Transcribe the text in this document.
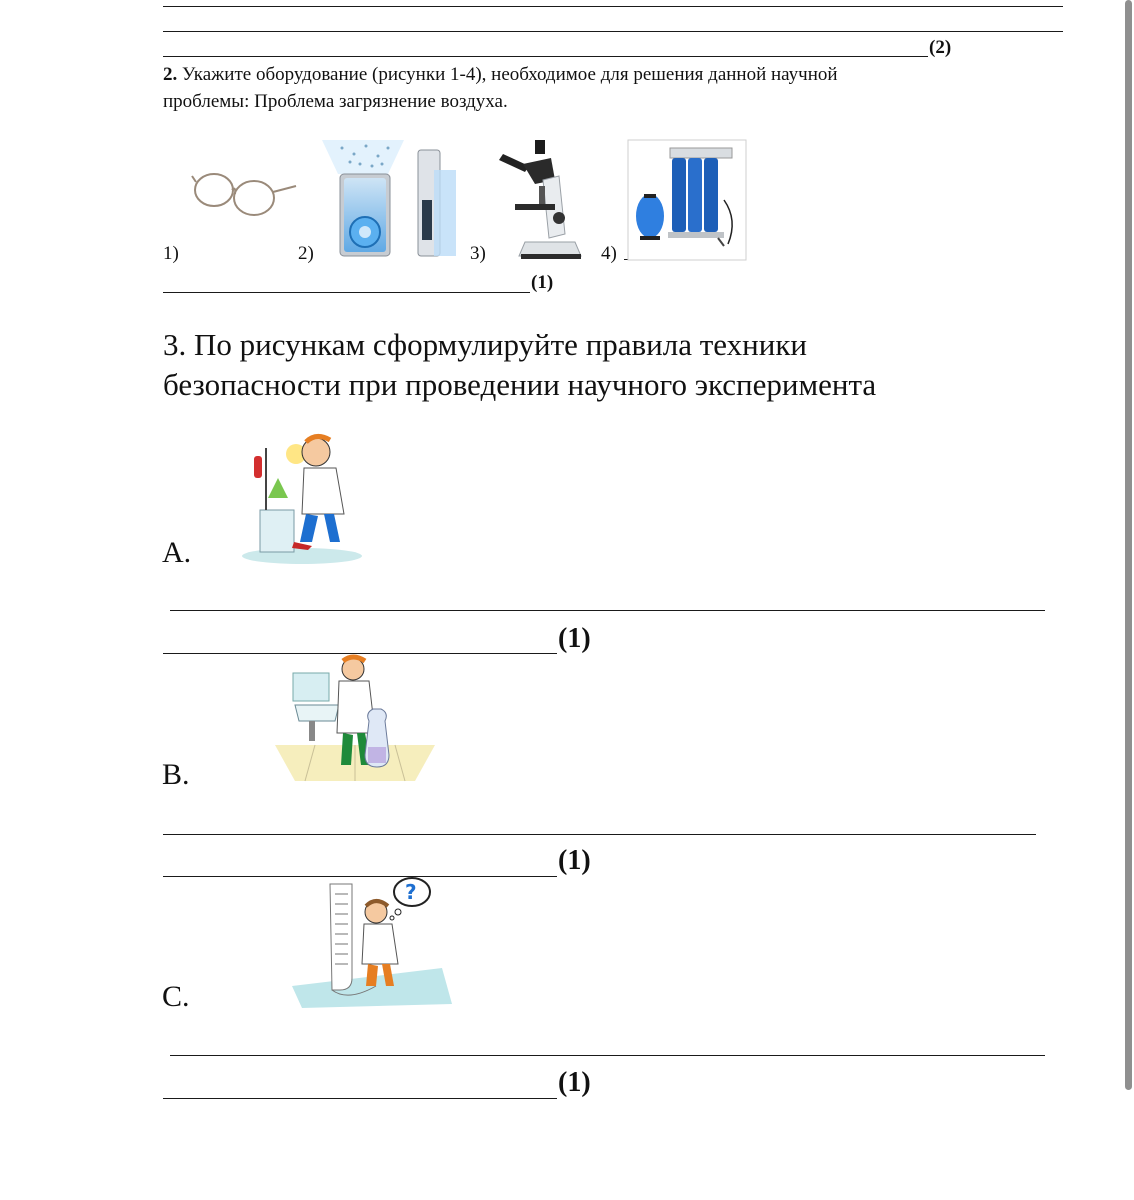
(2)
2. Укажите оборудование (рисунки 1-4), необходимое для решения данной научной
проблемы: Проблема загрязнение воздуха.
1)	2)	3)	4)
(1)
3. По рисункам сформулируйте правила техники
безопасности при проведении научного эксперимента
A.
(1)
B.
(1)
C.
?
(1)
